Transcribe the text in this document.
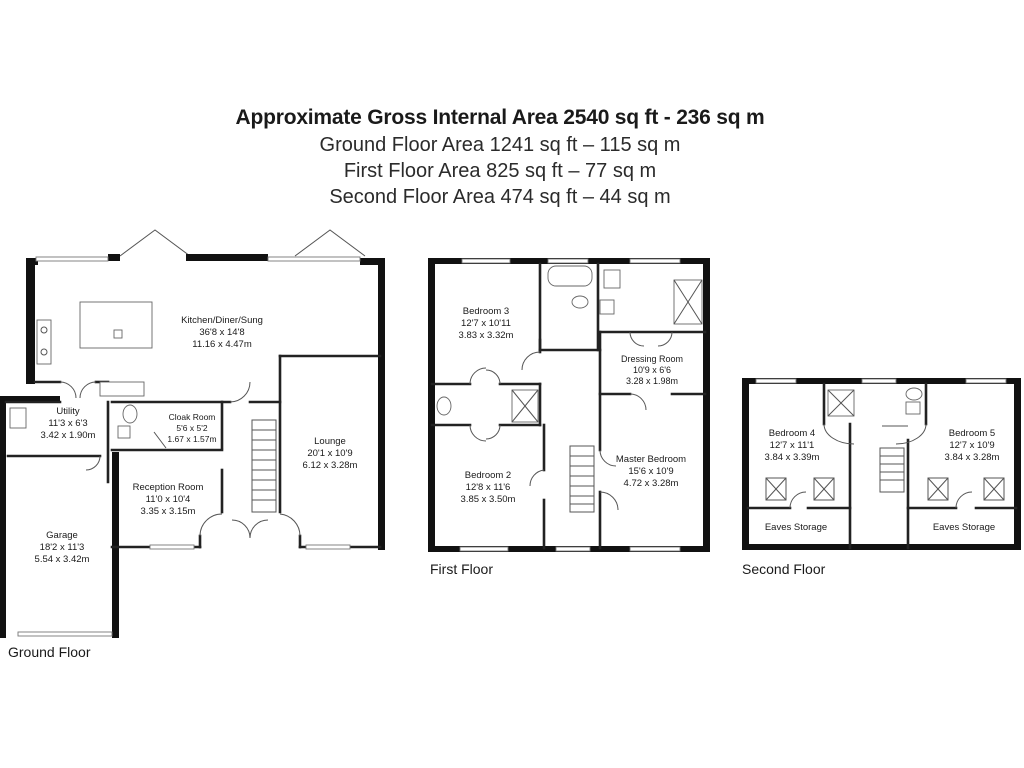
Approximate Gross Internal Area 2540 sq ft - 236 sq m
Ground Floor Area 1241 sq ft – 115 sq m
First Floor Area 825 sq ft – 77 sq m
Second Floor Area 474 sq ft – 44 sq m
Kitchen/Diner/Sung
36'8 x 14'8
11.16 x 4.47m
Utility
11'3 x 6'3
3.42 x 1.90m
Cloak Room
5'6 x 5'2
1.67 x 1.57m	Lounge
20'1 x 10'9
6.12 x 3.28m
Reception Room
11'0 x 10'4
3.35 x 3.15m
Garage
18'2 x 11'3
5.54 x 3.42m
Ground Floor
Bedroom 3
12'7 x 10'11
3.83 x 3.32m
Dressing Room
10'9 x 6'6
3.28 x 1.98m
Bedroom 2
12'8 x 11'6
3.85 x 3.50m
Master Bedroom
15'6 x 10'9
4.72 x 3.28m
First Floor
Bedroom 4
12'7 x 11'1
3.84 x 3.39m
Bedroom 5
12'7 x 10'9
3.84 x 3.28m
Eaves Storage	Eaves Storage
Second Floor
